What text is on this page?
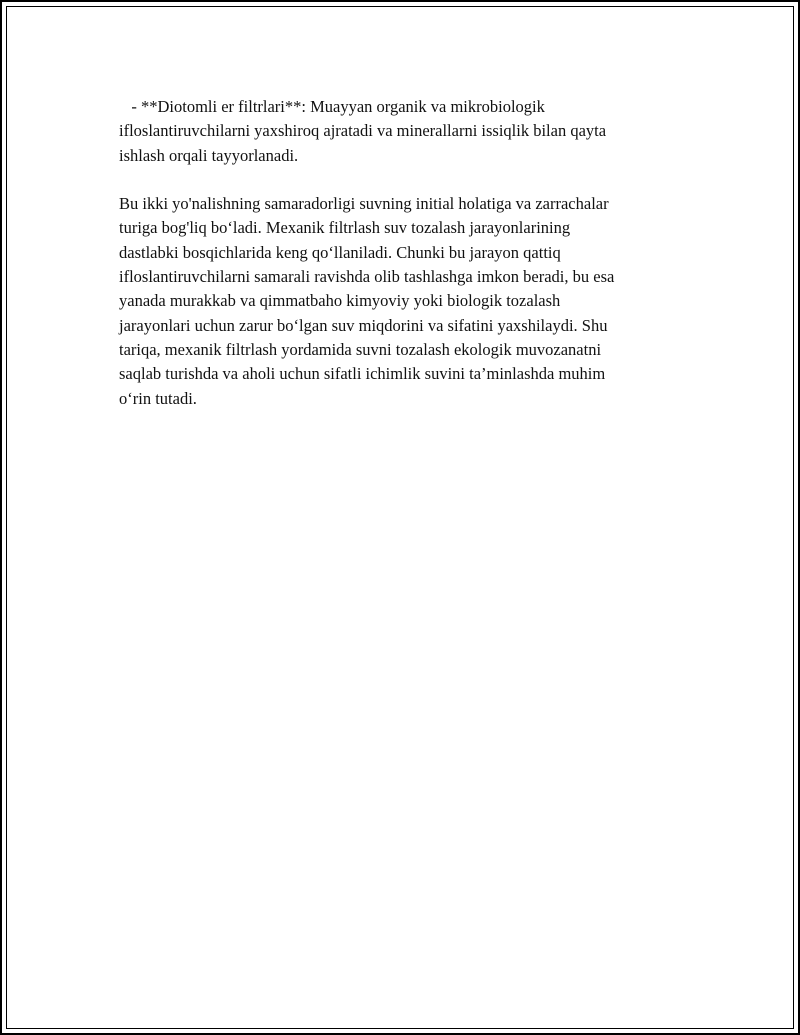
- **Diotomli er filtrlari**: Muayyan organik va mikrobiologik
ifloslantiruvchilarni yaxshiroq ajratadi va minerallarni issiqlik bilan qayta
ishlash orqali tayyorlanadi.

Bu ikki yo'nalishning samaradorligi suvning initial holatiga va zarrachalar
turiga bog'liq bo‘ladi. Mexanik filtrlash suv tozalash jarayonlarining
dastlabki bosqichlarida keng qo‘llaniladi. Chunki bu jarayon qattiq
ifloslantiruvchilarni samarali ravishda olib tashlashga imkon beradi, bu esa
yanada murakkab va qimmatbaho kimyoviy yoki biologik tozalash
jarayonlari uchun zarur bo‘lgan suv miqdorini va sifatini yaxshilaydi. Shu
tariqa, mexanik filtrlash yordamida suvni tozalash ekologik muvozanatni
saqlab turishda va aholi uchun sifatli ichimlik suvini ta’minlashda muhim
o‘rin tutadi.
